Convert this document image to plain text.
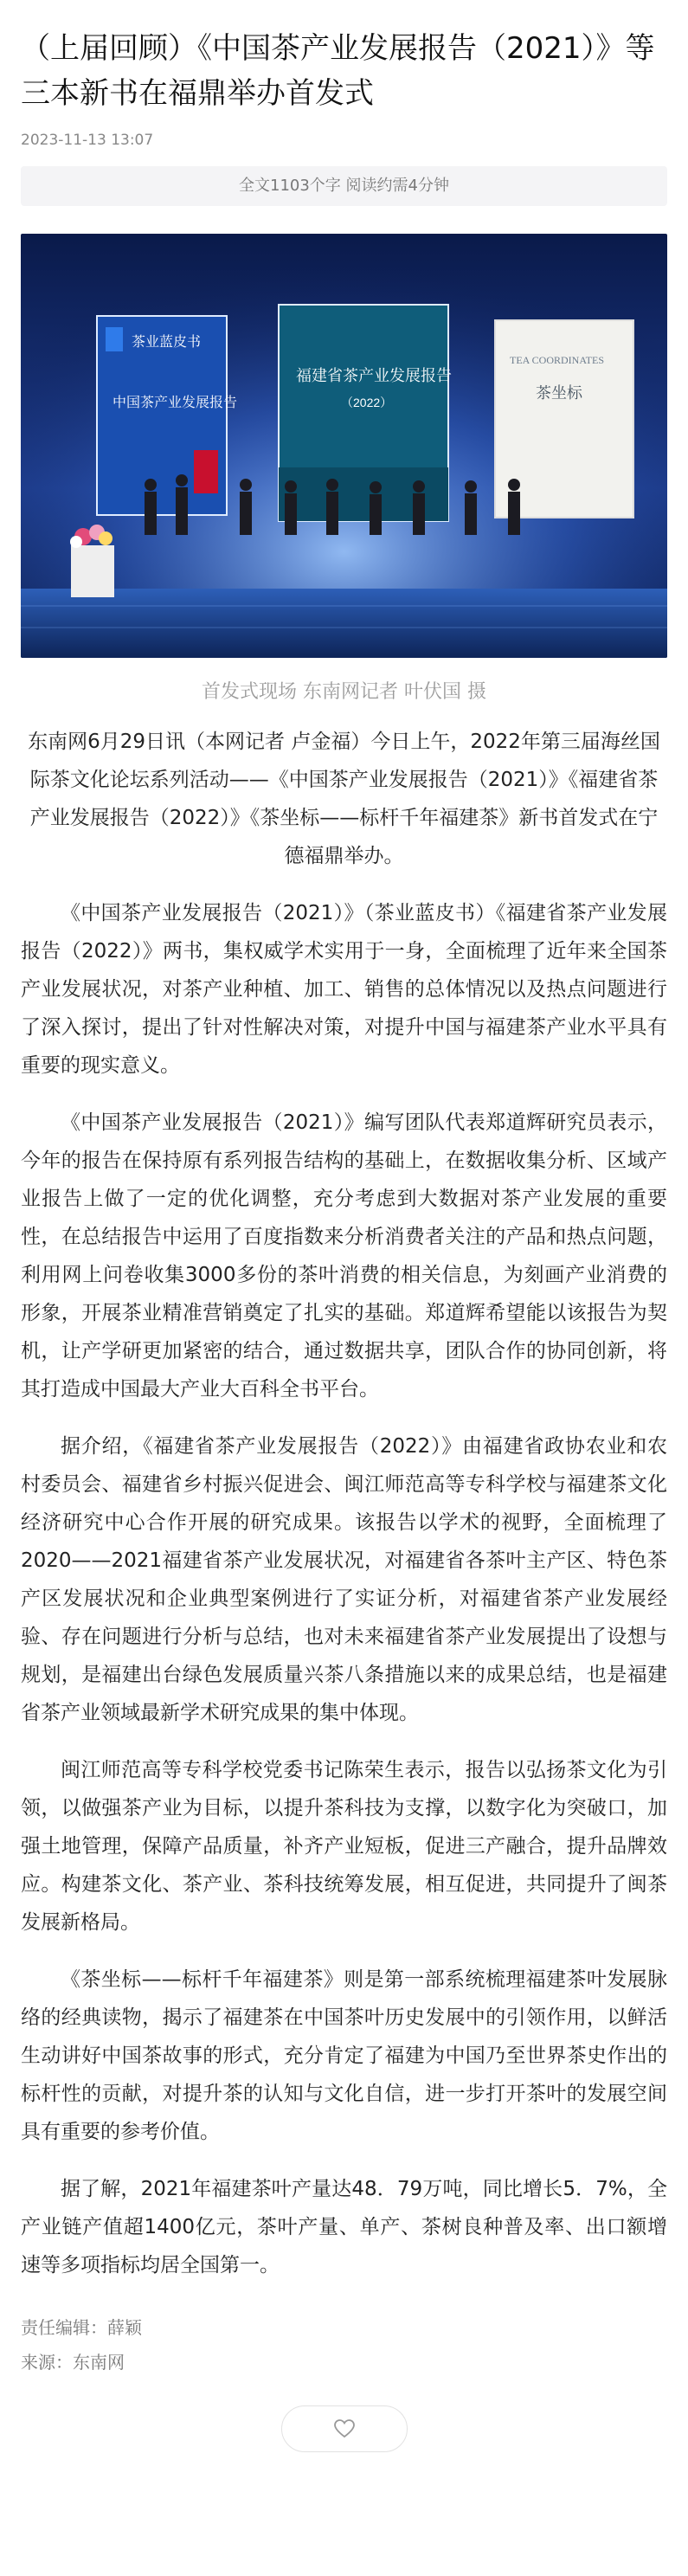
（上届回顾）《中国茶产业发展报告（2021）》等三本新书在福鼎举办首发式
2023-11-13 13:07
全文1103个字 阅读约需4分钟
茶业蓝皮书
中国茶产业发展报告
福建省茶产业发展报告
（2022）
TEA COORDINATES
茶坐标
首发式现场 东南网记者 叶伏国 摄

东南网6月29日讯（本网记者 卢金福）今日上午，2022年第三届海丝国际茶文化论坛系列活动——《中国茶产业发展报告（2021）》《福建省茶产业发展报告（2022）》《茶坐标——标杆千年福建茶》新书首发式在宁德福鼎举办。

《中国茶产业发展报告（2021）》（茶业蓝皮书）《福建省茶产业发展报告（2022）》两书，集权威学术实用于一身，全面梳理了近年来全国茶产业发展状况，对茶产业种植、加工、销售的总体情况以及热点问题进行了深入探讨，提出了针对性解决对策，对提升中国与福建茶产业水平具有重要的现实意义。

《中国茶产业发展报告（2021）》编写团队代表郑道辉研究员表示，今年的报告在保持原有系列报告结构的基础上，在数据收集分析、区域产业报告上做了一定的优化调整，充分考虑到大数据对茶产业发展的重要性，在总结报告中运用了百度指数来分析消费者关注的产品和热点问题，利用网上问卷收集3000多份的茶叶消费的相关信息，为刻画产业消费的形象，开展茶业精准营销奠定了扎实的基础。郑道辉希望能以该报告为契机，让产学研更加紧密的结合，通过数据共享，团队合作的协同创新，将其打造成中国最大产业大百科全书平台。

据介绍，《福建省茶产业发展报告（2022）》由福建省政协农业和农村委员会、福建省乡村振兴促进会、闽江师范高等专科学校与福建茶文化经济研究中心合作开展的研究成果。该报告以学术的视野，全面梳理了2020——2021福建省茶产业发展状况，对福建省各茶叶主产区、特色茶产区发展状况和企业典型案例进行了实证分析，对福建省茶产业发展经验、存在问题进行分析与总结，也对未来福建省茶产业发展提出了设想与规划，是福建出台绿色发展质量兴茶八条措施以来的成果总结，也是福建省茶产业领域最新学术研究成果的集中体现。

闽江师范高等专科学校党委书记陈荣生表示，报告以弘扬茶文化为引领，以做强茶产业为目标，以提升茶科技为支撑，以数字化为突破口，加强土地管理，保障产品质量，补齐产业短板，促进三产融合，提升品牌效应。构建茶文化、茶产业、茶科技统筹发展，相互促进，共同提升了闽茶发展新格局。

《茶坐标——标杆千年福建茶》则是第一部系统梳理福建茶叶发展脉络的经典读物，揭示了福建茶在中国茶叶历史发展中的引领作用，以鲜活生动讲好中国茶故事的形式，充分肯定了福建为中国乃至世界茶史作出的标杆性的贡献，对提升茶的认知与文化自信，进一步打开茶叶的发展空间具有重要的参考价值。

据了解，2021年福建茶叶产量达48．79万吨，同比增长5．7%，全产业链产值超1400亿元，茶叶产量、单产、茶树良种普及率、出口额增速等多项指标均居全国第一。

责任编辑：薛颖
来源：东南网
